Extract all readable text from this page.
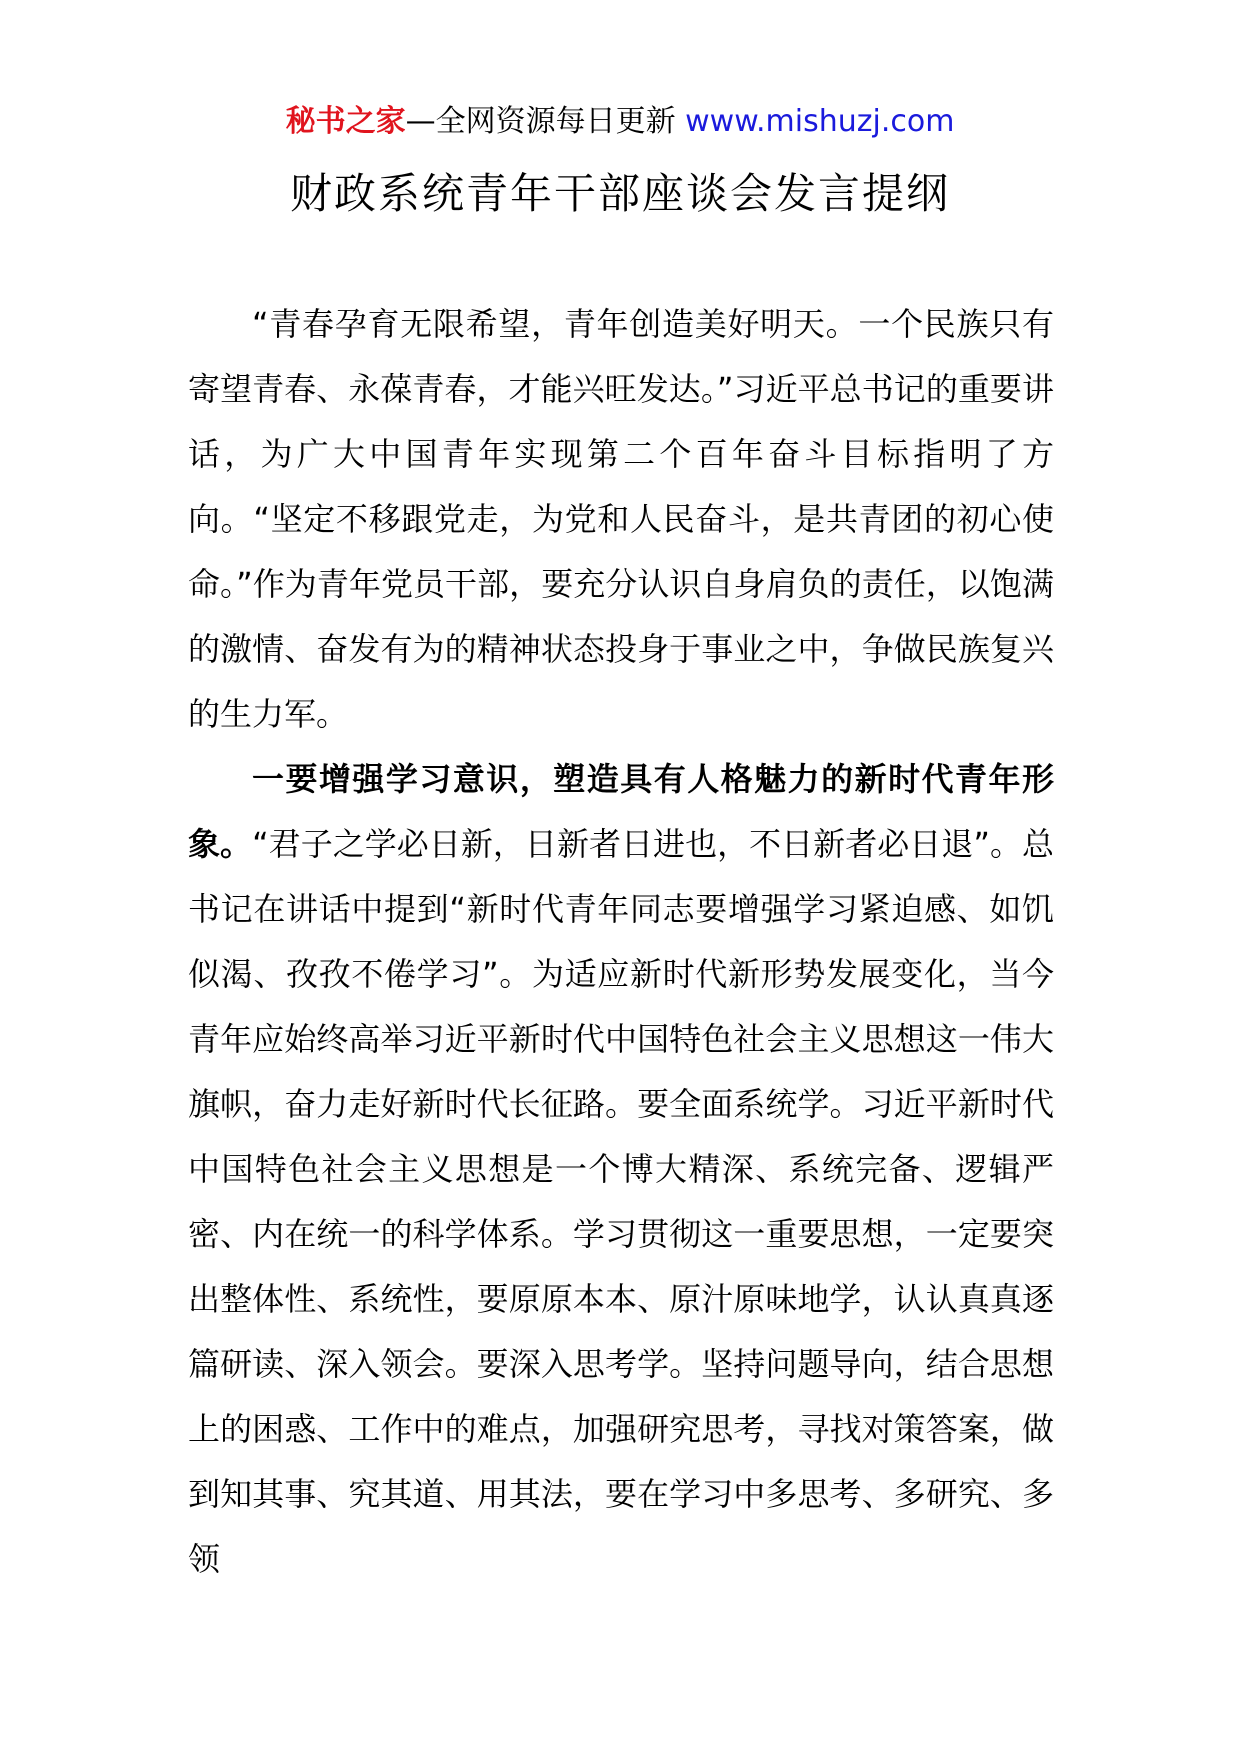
秘书之家—全网资源每日更新 www.mishuzj.com
财政系统青年干部座谈会发言提纲

“青春孕育无限希望，青年创造美好明天。一个民族只有寄望青春、永葆青春，才能兴旺发达。”习近平总书记的重要讲话，为广大中国青年实现第二个百年奋斗目标指明了方向。“坚定不移跟党走，为党和人民奋斗，是共青团的初心使命。”作为青年党员干部，要充分认识自身肩负的责任，以饱满的激情、奋发有为的精神状态投身于事业之中，争做民族复兴的生力军。

一要增强学习意识，塑造具有人格魅力的新时代青年形象。“君子之学必日新，日新者日进也，不日新者必日退”。总书记在讲话中提到“新时代青年同志要增强学习紧迫感、如饥似渴、孜孜不倦学习”。为适应新时代新形势发展变化，当今青年应始终高举习近平新时代中国特色社会主义思想这一伟大旗帜，奋力走好新时代长征路。要全面系统学。习近平新时代中国特色社会主义思想是一个博大精深、系统完备、逻辑严密、内在统一的科学体系。学习贯彻这一重要思想，一定要突出整体性、系统性，要原原本本、原汁原味地学，认认真真逐篇研读、深入领会。要深入思考学。坚持问题导向，结合思想上的困惑、工作中的难点，加强研究思考，寻找对策答案，做到知其事、究其道、用其法，要在学习中多思考、多研究、多领
